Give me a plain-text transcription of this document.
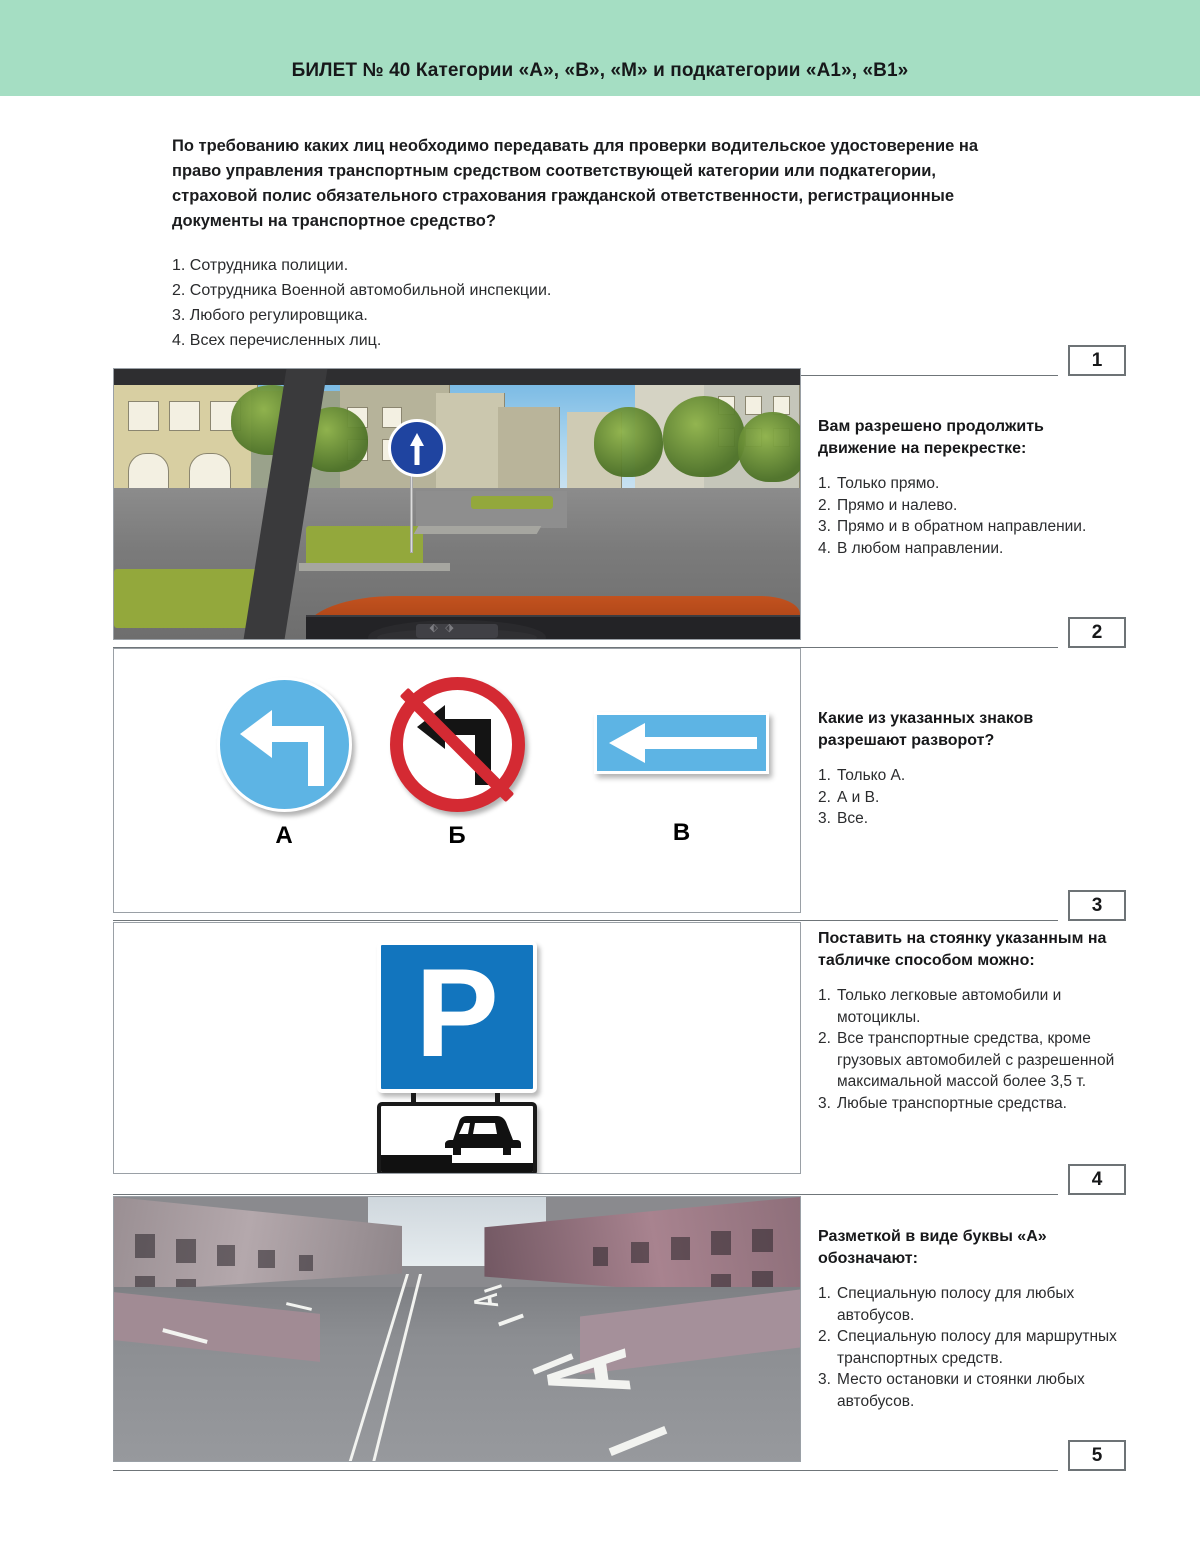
БИЛЕТ № 40 Категории «А», «В», «М» и подкатегории «А1», «В1»
По требованию каких лиц необходимо передавать для проверки водительское удостоверение на право управления транспортным средством соответствующей категории или подкатегории, страховой полис обязательного страхования гражданской ответственности, регистрационные документы на транспортное средство?
1. Сотрудника полиции.
2. Сотрудника Военной автомобильной инспекции.
3. Любого регулировщика.
4. Всех перечисленных лиц.
1
⬖ ⬗
Вам разрешено продолжить движение на перекрестке:
1. Только прямо.
2. Прямо и налево.
3. Прямо и в обратном направлении.
4. В любом направлении.
2
А	Б	В
Какие из указанных знаков разрешают разворот?
1. Только А.
2. А и В.
3. Все.
3
P
Поставить на стоянку указанным на табличке способом можно:
1. Только легковые автомобили и мотоциклы.
2. Все транспортные средства, кроме грузовых автомобилей с разрешенной максимальной массой более 3,5 т.
3. Любые транспортные средства.
4
A
A
Разметкой в виде буквы «А» обозначают:
1. Специальную полосу для любых автобусов.
2. Специальную полосу для маршрутных транспортных средств.
3. Место остановки и стоянки любых автобусов.
5
